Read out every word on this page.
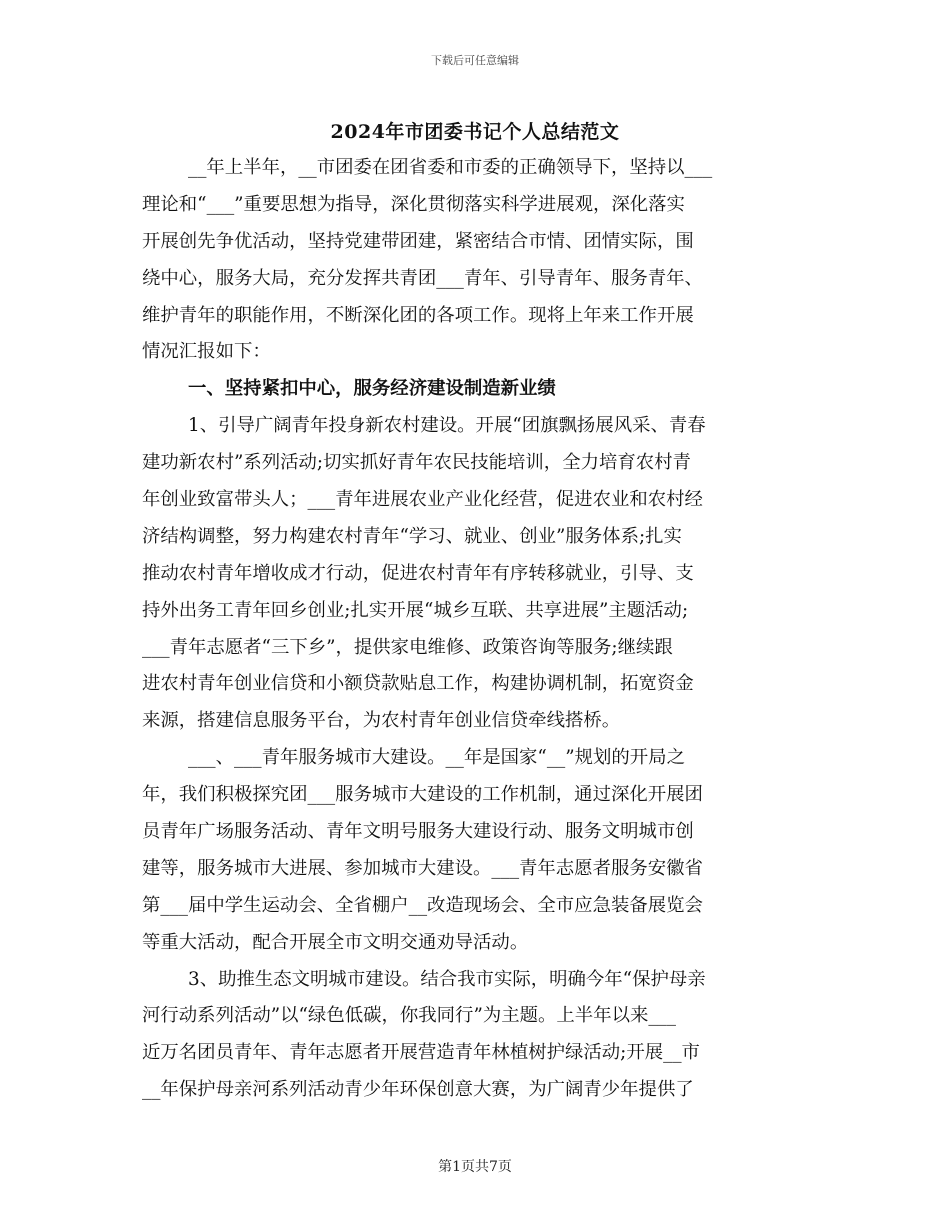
下载后可任意编辑
2024年市团委书记个人总结范文
__年上半年，__市团委在团省委和市委的正确领导下，坚持以___
理论和“___”重要思想为指导，深化贯彻落实科学进展观，深化落实
开展创先争优活动，坚持党建带团建，紧密结合市情、团情实际，围
绕中心，服务大局，充分发挥共青团___青年、引导青年、服务青年、
维护青年的职能作用，不断深化团的各项工作。现将上年来工作开展
情况汇报如下：
一、坚持紧扣中心，服务经济建设制造新业绩
1、引导广阔青年投身新农村建设。开展“团旗飘扬展风采、青春
建功新农村”系列活动;切实抓好青年农民技能培训，全力培育农村青
年创业致富带头人；___青年进展农业产业化经营，促进农业和农村经
济结构调整，努力构建农村青年“学习、就业、创业”服务体系;扎实
推动农村青年增收成才行动，促进农村青年有序转移就业，引导、支
持外出务工青年回乡创业;扎实开展“城乡互联、共享进展”主题活动;
___青年志愿者“三下乡”，提供家电维修、政策咨询等服务;继续跟
进农村青年创业信贷和小额贷款贴息工作，构建协调机制，拓宽资金
来源，搭建信息服务平台，为农村青年创业信贷牵线搭桥。
___、___青年服务城市大建设。__年是国家“__”规划的开局之
年，我们积极探究团___服务城市大建设的工作机制，通过深化开展团
员青年广场服务活动、青年文明号服务大建设行动、服务文明城市创
建等，服务城市大进展、参加城市大建设。___青年志愿者服务安徽省
第___届中学生运动会、全省棚户__改造现场会、全市应急装备展览会
等重大活动，配合开展全市文明交通劝导活动。
3、助推生态文明城市建设。结合我市实际，明确今年“保护母亲
河行动系列活动”以“绿色低碳，你我同行”为主题。上半年以来___
近万名团员青年、青年志愿者开展营造青年林植树护绿活动;开展__市
__年保护母亲河系列活动青少年环保创意大赛，为广阔青少年提供了
第1页共7页
